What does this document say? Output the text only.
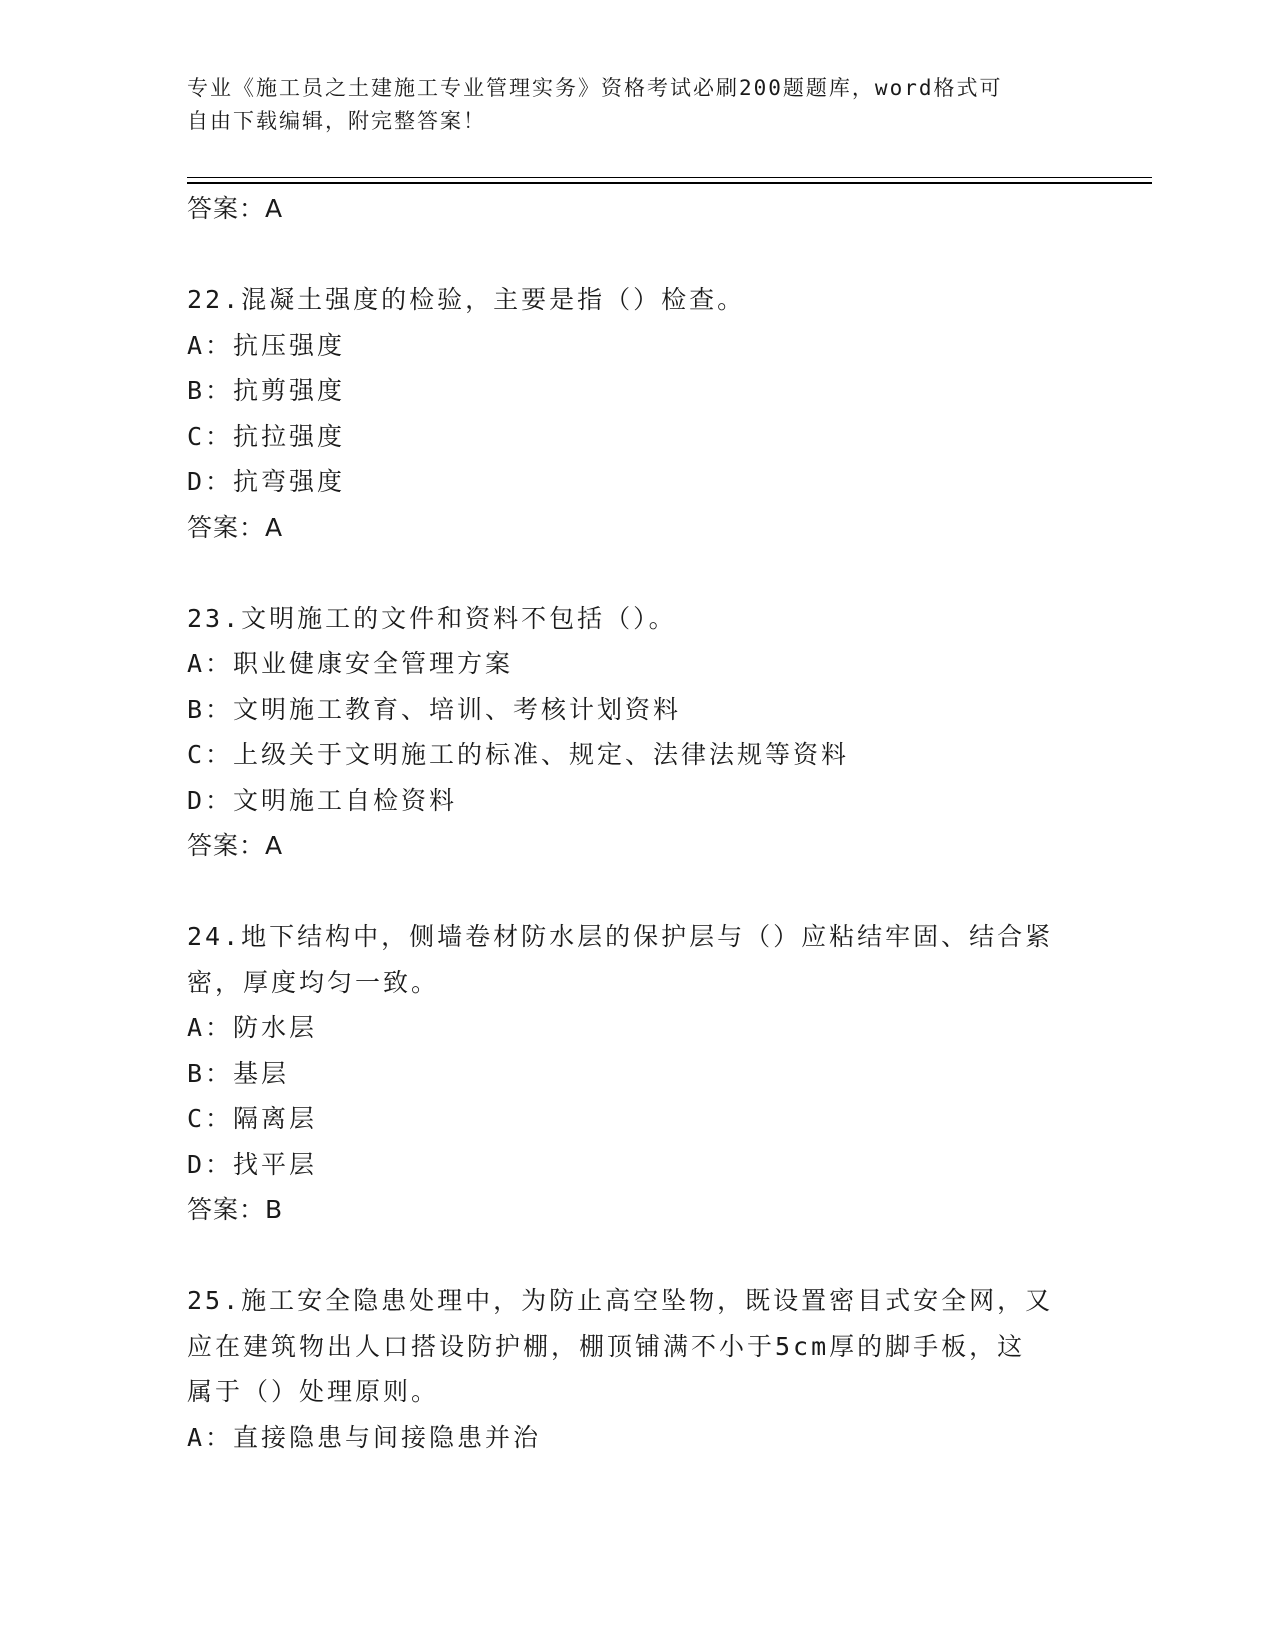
专业《施工员之土建施工专业管理实务》资格考试必刷200题题库，word格式可
自由下载编辑，附完整答案！
答案：A
22.混凝土强度的检验，主要是指（）检查。
A：抗压强度
B：抗剪强度
C：抗拉强度
D：抗弯强度
答案：A
23.文明施工的文件和资料不包括（）。
A：职业健康安全管理方案
B：文明施工教育、培训、考核计划资料
C：上级关于文明施工的标准、规定、法律法规等资料
D：文明施工自检资料
答案：A
24.地下结构中，侧墙卷材防水层的保护层与（）应粘结牢固、结合紧
密，厚度均匀一致。
A：防水层
B：基层
C：隔离层
D：找平层
答案：B
25.施工安全隐患处理中，为防止高空坠物，既设置密目式安全网，又
应在建筑物出人口搭设防护棚，棚顶铺满不小于5cm厚的脚手板，这
属于（）处理原则。
A：直接隐患与间接隐患并治
